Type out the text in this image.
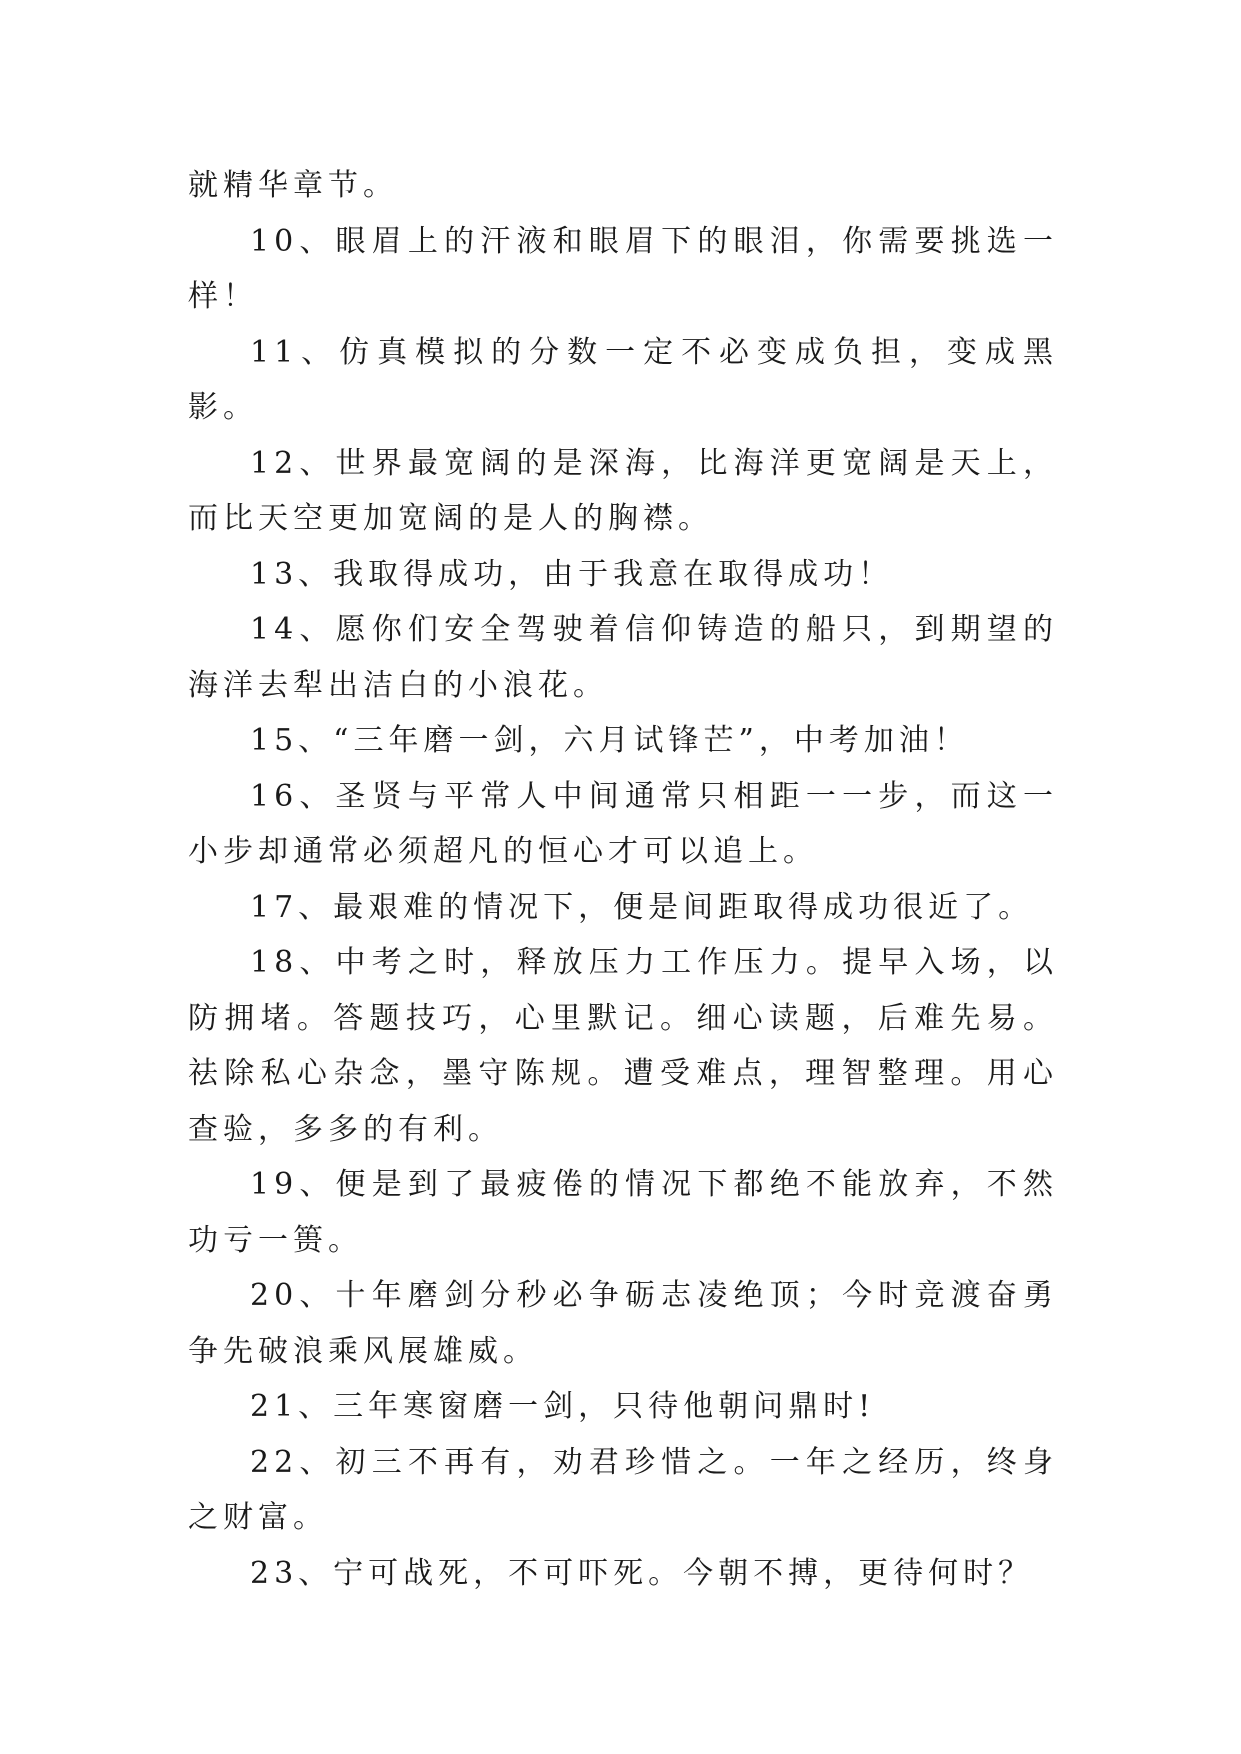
就精华章节。

10、眼眉上的汗液和眼眉下的眼泪，你需要挑选一样！

11、仿真模拟的分数一定不必变成负担，变成黑影。

12、世界最宽阔的是深海，比海洋更宽阔是天上，而比天空更加宽阔的是人的胸襟。

13、我取得成功，由于我意在取得成功！

14、愿你们安全驾驶着信仰铸造的船只，到期望的海洋去犁出洁白的小浪花。

15、“三年磨一剑，六月试锋芒”，中考加油！

16、圣贤与平常人中间通常只相距一一步，而这一小步却通常必须超凡的恒心才可以追上。

17、最艰难的情况下，便是间距取得成功很近了。

18、中考之时，释放压力工作压力。提早入场，以防拥堵。答题技巧，心里默记。细心读题，后难先易。祛除私心杂念，墨守陈规。遭受难点，理智整理。用心查验，多多的有利。

19、便是到了最疲倦的情况下都绝不能放弃，不然功亏一篑。

20、十年磨剑分秒必争砺志凌绝顶；今时竞渡奋勇争先破浪乘风展雄威。

21、三年寒窗磨一剑，只待他朝问鼎时!

22、初三不再有，劝君珍惜之。一年之经历，终身之财富。

23、宁可战死，不可吓死。今朝不搏，更待何时？
